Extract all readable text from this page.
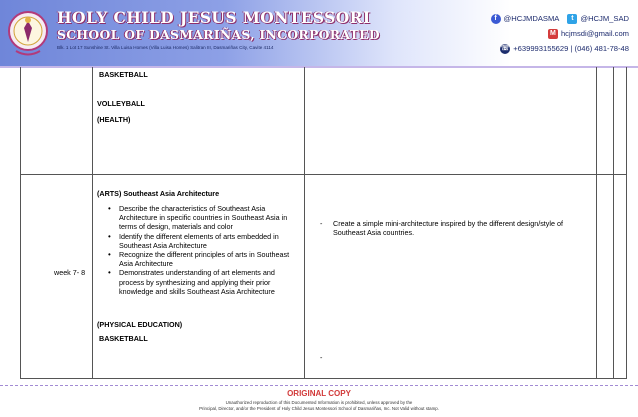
HOLY CHILD JESUS MONTESSORI
SCHOOL OF DASMARIÑAS, INCORPORATED
Blk. 1 Lot 17 Sunshine St. Villa Luisa Homes (Villa Luisa Homes) Salitran III, Dasmariñas City, Cavite 4114
f @HCJMDASMA	t @HCJM_SAD
M hcjmsdi@gmail.com
☏ +639993155629 | (046) 481-78-48
BASKETBALL
VOLLEYBALL
(HEALTH)
week 7- 8
(ARTS) Southeast Asia Architecture
• Describe the characteristics of Southeast Asia Architecture in specific countries in Southeast Asia in terms of design, materials and color
• Identify the different elements of arts embedded in Southeast Asia Architecture
• Recognize the different principles of arts in Southeast Asia Architecture
• Demonstrates understanding of art elements and process by synthesizing and applying their prior knowledge and skills Southeast Asia Architecture
(PHYSICAL EDUCATION)
BASKETBALL
- Create a simple mini-architecture inspired by the different design/style of Southeast Asia countries.
-
ORIGINAL COPY
Unauthorized reproduction of this Documented Information is prohibited, unless approved by the
Principal, Director, and/or the President of Holy Child Jesus Montessori School of Dasmariñas, Inc. Not Valid without stamp.
